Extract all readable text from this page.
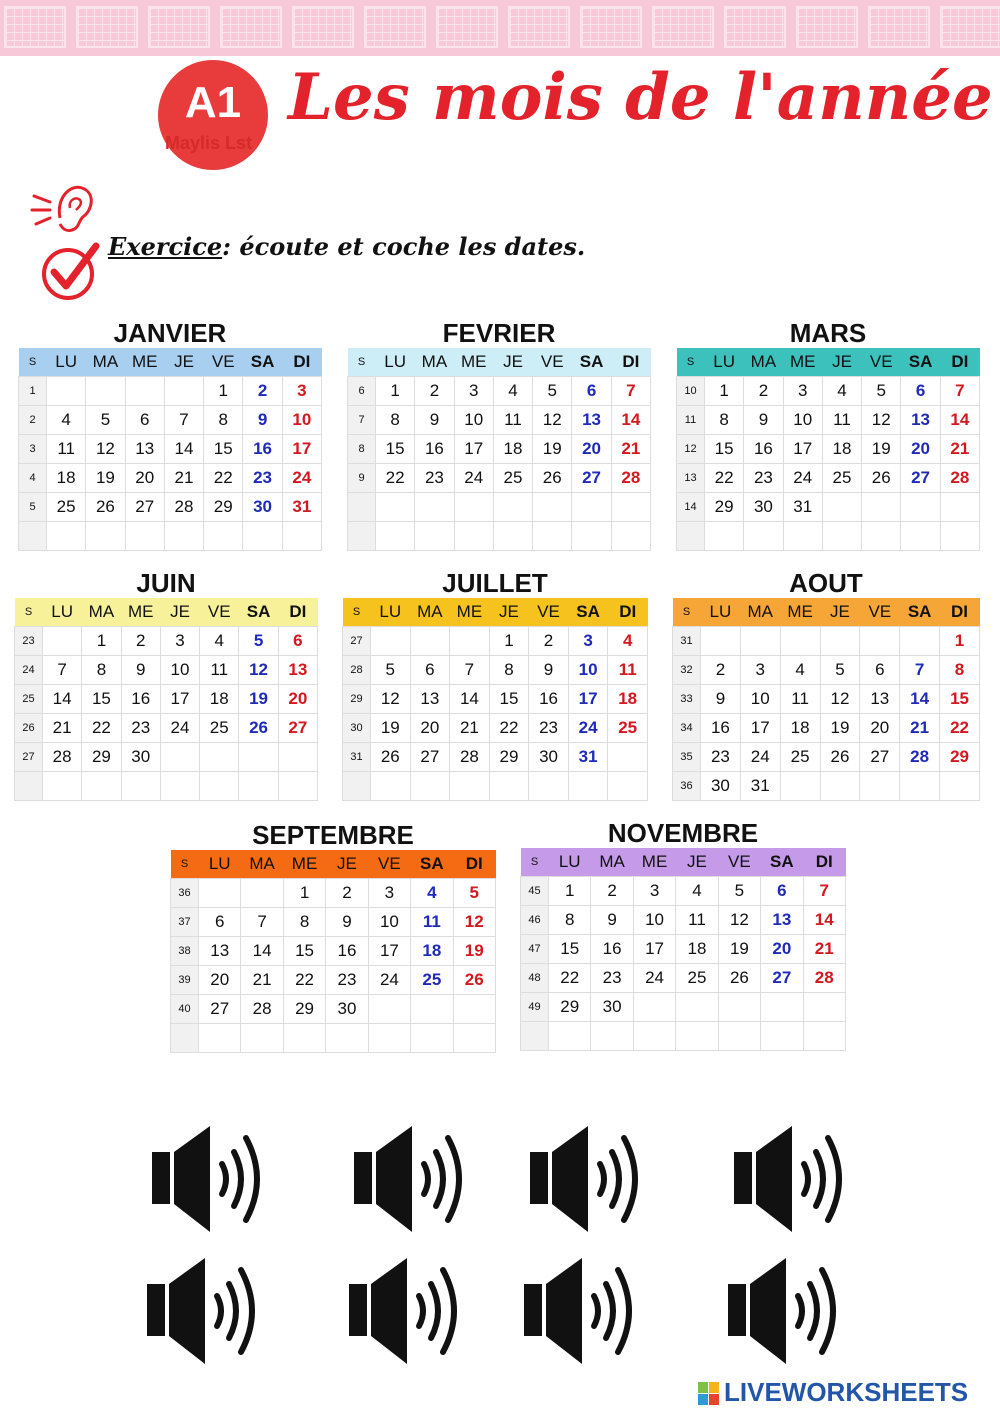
A1
Maylis Lst
Les mois de l'année
Exercice: écoute et coche les dates.
JANVIER
S	LU	MA	ME	JE	VE	SA	DI
1					1	2	3
2	4	5	6	7	8	9	10
3	11	12	13	14	15	16	17
4	18	19	20	21	22	23	24
5	25	26	27	28	29	30	31

FEVRIER
S	LU	MA	ME	JE	VE	SA	DI
6	1	2	3	4	5	6	7
7	8	9	10	11	12	13	14
8	15	16	17	18	19	20	21
9	22	23	24	25	26	27	28

MARS
S	LU	MA	ME	JE	VE	SA	DI
10	1	2	3	4	5	6	7
11	8	9	10	11	12	13	14
12	15	16	17	18	19	20	21
13	22	23	24	25	26	27	28
14	29	30	31				

JUIN
S	LU	MA	ME	JE	VE	SA	DI
23		1	2	3	4	5	6
24	7	8	9	10	11	12	13
25	14	15	16	17	18	19	20
26	21	22	23	24	25	26	27
27	28	29	30				

JUILLET
S	LU	MA	ME	JE	VE	SA	DI
27				1	2	3	4
28	5	6	7	8	9	10	11
29	12	13	14	15	16	17	18
30	19	20	21	22	23	24	25
31	26	27	28	29	30	31	

AOUT
S	LU	MA	ME	JE	VE	SA	DI
31							1
32	2	3	4	5	6	7	8
33	9	10	11	12	13	14	15
34	16	17	18	19	20	21	22
35	23	24	25	26	27	28	29
36	30	31					
SEPTEMBRE
S	LU	MA	ME	JE	VE	SA	DI
36			1	2	3	4	5
37	6	7	8	9	10	11	12
38	13	14	15	16	17	18	19
39	20	21	22	23	24	25	26
40	27	28	29	30			

NOVEMBRE
S	LU	MA	ME	JE	VE	SA	DI
45	1	2	3	4	5	6	7
46	8	9	10	11	12	13	14
47	15	16	17	18	19	20	21
48	22	23	24	25	26	27	28
49	29	30					

LIVEWORKSHEETS
